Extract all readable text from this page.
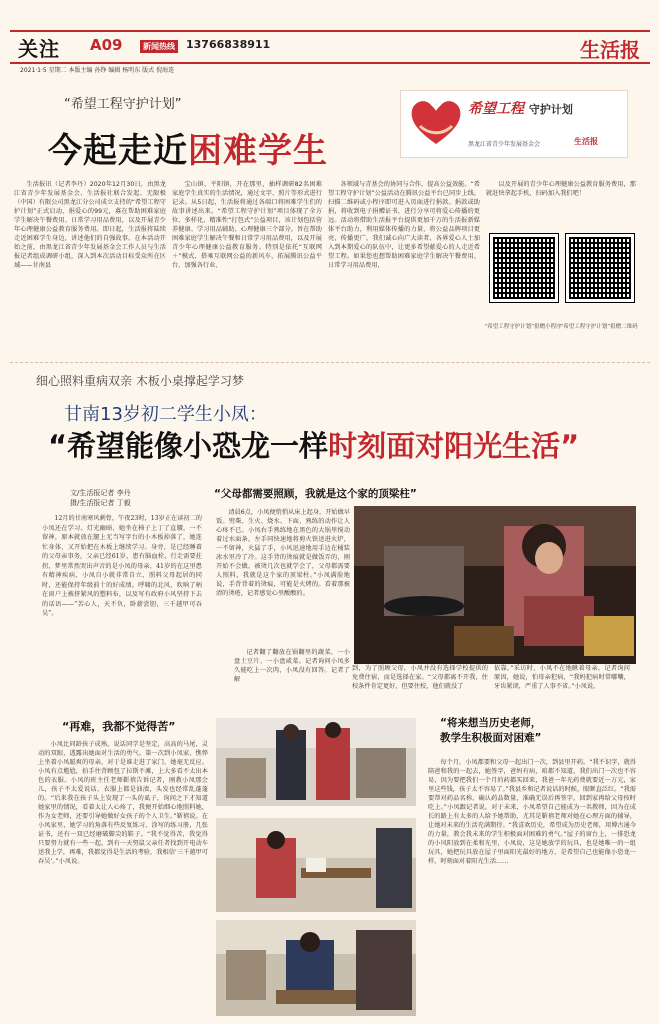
关注 A09	新闻热线 13766838911	生活报
2021·1·5 星期二 本版主编 孙铮 编辑 杨明东 版式 倪海连
“希望工程守护计划”
今起走近困难学生
希望工程 守护计划
黑龙江省青少年发展基金会	生活报

生活报讯（记者李丹）2020年12月30日，由黑龙江省青少年发展基金会、生活报社联合发起、无限极（中国）有限公司黑龙江分公司成立支持的“希望工程守护计划”正式启动，捐爱心的99元，募在帮助困难家庭学生解决午餐费用、日常学习用品费用，以及开展青少年心理健康公益教育服务费用。即日起，生活报将陆续走近困难学生身边，讲述他们的自强故事。在本活动开始之前，由黑龙江省青少年发展基金会工作人员与生活报记者组成调研小组，深入到本次活动目标受众所在区域——甘南县

宝山镇、平阳镇，开在那里，抽样调研82名困难家庭学生真实的生活情况，通过文字、照片等形式进行记录。从5日起，生活报将通过各端口将困难学生们的故事讲述出来。“希望工程守护计划”项目体现了全方位、多样化、精准性“打包式”公益项目，该计划包括营养健康、学习用品辅助、心理健康三个部分。旨在帮助困难家庭学生解决午餐和日常学习用品费用，以及开展青少年心理健康公益教育服务。特别是依托“互联网＋”模式，搭乘互联网公益的新风车，拓展腾讯公益平台，加强各行业、

各领域与青基会的协同与合作，提高公益效能。“希望工程守护计划”公益活动在腾讯公益平台已同步上线。扫描二维码或小程序即可进入页面进行捐款。捐款或助捐，将收到电子捐赠证书，进行分享可将爱心传播的更远。活动将借助生活报平台提供更加千万的生活报新媒体平台助力，利用媒体传播的力量，将公益品牌项目更亮，传播更广。我们诚心向广大读者、各界爱心人士加入到本期爱心的队伍中，让更多希望献爱心的人走近希望工程。如果您也想帮助困难家庭学生解决午餐费用、日常学习用品费用，

以及开展的青少年心理健康公益教育服务费用，那就赶快拿起手机，扫码加入我们吧！

“希望工程守护计划”捐赠小程序
“希望工程守护计划”捐赠二维码
细心照料重病双亲 木板小桌撑起学习梦
甘南13岁初二学生小凤：
“希望能像小恐龙一样时刻面对阳光生活”
文/生活报记者 李丹
摄/生活报记者 丁毅
12月的甘南寒风刺骨，午夜23时，13岁正在读初二的小凤还在学习。灯光幽暗，她坐在椅子上丁了直腰，一不留神，原本就放在腿上无当写字台的小木板掉落了，她连忙身体，又开始把在木板上继续学习。身旁，是已经睡着的父母亲事务，父亲已经61岁，患有脑血栓，行走需要拄拐，梦里常然哭出声音的是小凤的母亲，41岁的在这里患有精神疾病，小凤自小就非常自立，照料父母起居的同时，还能保持年级前十的好成绩。呼啸的北风，吹响了柄在窗户上被挤紧风的塑料布，以及写有政府小风坚持下去的话语——“苦心人，天不负，卧薪尝胆，三千越甲可吞吴”。
“父母都需要照顾，我就是这个家的顶梁柱”

清晨6点，小凤便悄悄从床上起身，开始做早饭。劈柴、生火、烧水、下面，熟练的动作让人心疼不已。小凤右手熟练地在黑色的大锅里搅动着过水面条，左手同快速地将剪火铁送进火炉，一不留神，火猛了手，小风迅速地用手边在桶装冰水里冷了冷。这手背的烫痕就是做饭弄的，刚开始不会做，被烫几次也就学会了，父母都需要人照料，我就是这个家的顶梁柱。”小凤满脸地说，手背背着的烫痕，可能是火烤的。看着那被清的烫疮，记者感觉心里酸酸的。

记者翻了翻放在锅翻里的蔬菜，一小盘土豆片、一小盘咸菜。记者询问小凤多久能吃上一次肉，小凤没有回答。记者了解

到，为了照顾父母，小凤并没有选择学校提供的免费住宿，而是选择在家。“父母都离不开我，住校条件肯定更好，但要住校，他们就没了

依靠。”采访时，小凤不在地瞅着母亲，记者询问原因，她说，怕母亲犯病，“我妈犯病时常嘟囔，牙齿紧闭，严重了人事不省。”小凤说。

“再难，我都不觉得苦”

小凤比同龄孩子成熟，说话同学是坚定，高高的马尾，灵动的双眼，透露出她面对生活的勇气。第一次到小凤家，憔悴上坐着小凤聪爽的母亲，对于是谁走进了家门，她毫无反应。小凤有点尴尬，拍手往背顾包了拉斯不滩，上大多看不太出本色的衣服。小凤的班主任老师靳禧告诉记者，刚教小凤那会儿，孩子不太爱说话，衣服上都是油渍，头发也经常乱蓬蓬的。“后来我在孩子头上发现了一头的虱子，询问之下才知道她家里的情况，看着太让人心疼了，我便开始细心地照料她，作为女老师，还要引导她做好女孩子的个人卫生。”靳禧说。在小凤家里，她学习的角落有些反复练习、涂写的练习册，几张证书，还有一双已经磨破脚尖的鞋子。“我不觉得苦，我觉得只要努力就有一些一起，到有一天努鼠父亲任者找到开电动车送我上学，再难，我都觉得是生活的考验，我相信‘三千越甲可吞吴’。”小凤说。

“将来想当历史老师，
教学生积极面对困难”

每个月，小凤都要和父母一起出门一次，到县里开药。“我不识字，就得陪爸和我的一起去，她签字，爸妈有病，咱都不知道，我们出门一次也不容易，因为要把我们一个月的药都买回来，我爸一年光药费就要近一万元，家里这些钱，孩子太不容易了。”我县乡和记者说话的时候，眼眶直泛红。“我需要帮对药品名称、确认药品数量，准确无误后再签字，回到家再给父母按时吃上。”小凤跟记者说。对于未来，小凤希望自己能成为一名教师，因为在成长的路上有太多的人给予她帮助，尤其是靳禧老师对她在心理方面的辅导，让她对未来的生活充满期待。“我喜欢历史，希望成为历史老师，用博古通今的力量，教会我未来的学生积极面对困难的勇气。”屋子的窗台上，一排恐龙的小风阳放到在柔和光里，小凤说，这是她放学的玩具，也是她唯一的一组玩具，她把玩具放在屋子里面阳光最好的地方，是希望自己也能像小恐龙一样，时刻面对着阳光生活……
